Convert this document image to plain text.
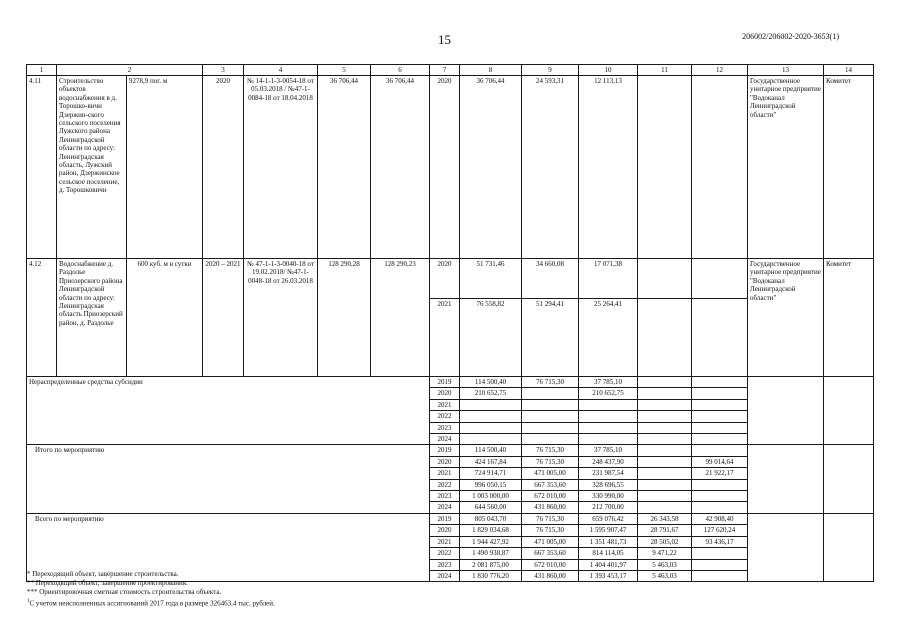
15	206002/206002-2020-3653(1)
1	2		3	4	5	6	7	8	9	10	11	12	13	14
4.11	Строительство объектов водоснабжения в д. Торошко-вичи Дзержин-ского сельского поселения Лужского района Ленинградской области по адресу: Ленинградская область, Лужский район, Дзержинское сельское поселение, д. Торошковичи	9278,9 пог. м	2020	№ 14-1-1-3-0054-18 от 05.03.2018 / №47-1-0084-18 от 18.04.2018	36 706,44	36 706,44	2020	36 706,44	24 593,31	12 113,13			Государственное унитарное предприятие "Водоканал Ленинградской области"	Комитет
4.12	Водоснабжение д. Раздолье Приозерского района Ленинградской области по адресу: Ленинградская область Приозерский район, д. Раздолье	600 куб. м в сутки	2020 – 2021	№ 47-1-1-3-0040-18 от 19.02.2018/ №47-1-0048-18 от 26.03.2018	128 290,28	128 290,23	2020	51 731,46	34 660,08	17 071,38			Государственное унитарное предприятие "Водоканал Ленинградской области"	Комитет
							2021	76 558,82	51 294,41	25 264,41				
Нераспределенные средства субсидии							2019	114 500,40	76 715,30	37 785,10				
							2020	210 652,75		210 652,75				
							2021							
							2022							
							2023							
							2024							
Итого по мероприятию							2019	114 500,40	76 715,30	37 785,10				
							2020	424 167,84	76 715,30	248 437,90		99 014,64		
							2021	724 914,71	471 005,00	231 987,54		21 922,17		
							2022	996 050,15	667 353,60	328 696,55				
							2023	1 003 000,00	672 010,00	330 990,00				
							2024	644 560,00	431 860,00	212 700,00				
Всего по мероприятию							2019	805 043,70	76 715,30	659 076,42	26 343,58	42 908,40		
							2020	1 829 034,68	76 715,30	1 595 907,47	28 791,67	127 620,24		
							2021	1 944 427,92	471 005,00	1 351 481,73	28 505,02	93 436,17		
							2022	1 490 938,87	667 353,60	814 114,05	9 471,22			
							2023	2 081 875,00	672 010,00	1 404 401,97	5 463,03			
							2024	1 830 776,20	431 860,00	1 393 453,17	5 463,03			
* Переходящий объект, завершение строительства.
** Переходящий объект, завершение проектирования.
*** Ориентировочная сметная стоимость строительства объекта.
$^1$С учетом неисполненных ассигнований 2017 года в размере 326463,4 тыс. рублей.
